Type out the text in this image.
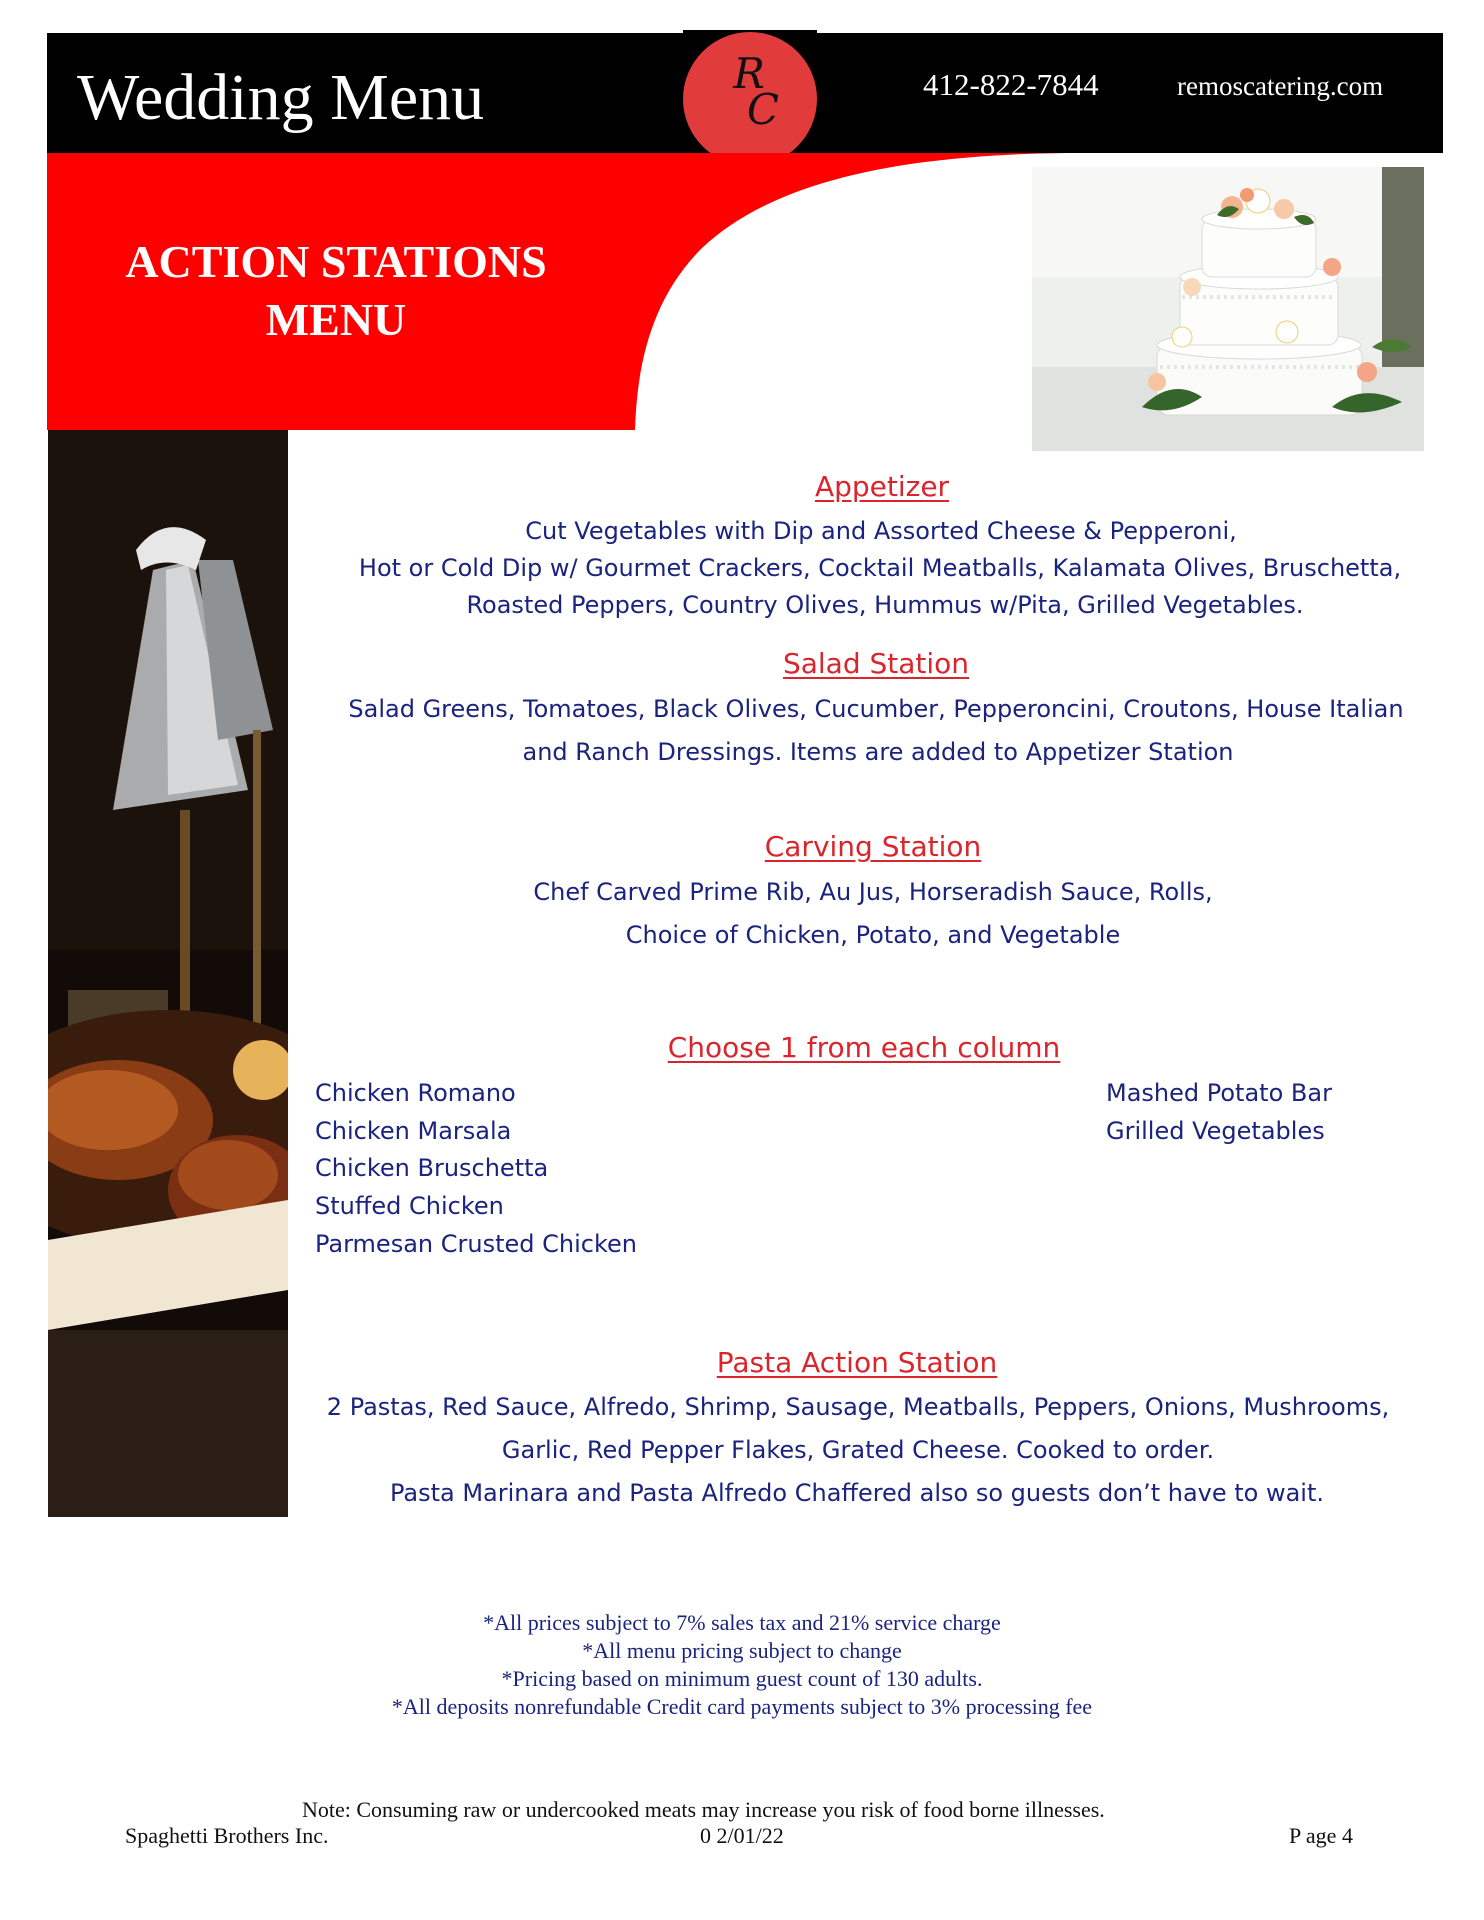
Wedding Menu	R
C
412-822-7844	remoscatering.com
ACTION STATIONS
MENU
Appetizer
Cut Vegetables with Dip and Assorted Cheese & Pepperoni,
Hot or Cold Dip w/ Gourmet Crackers, Cocktail Meatballs, Kalamata Olives, Bruschetta,
Roasted Peppers, Country Olives, Hummus w/Pita, Grilled Vegetables.
Salad Station
Salad Greens, Tomatoes, Black Olives, Cucumber, Pepperoncini, Croutons, House Italian
and Ranch Dressings. Items are added to Appetizer Station
Carving Station
Chef Carved Prime Rib, Au Jus, Horseradish Sauce, Rolls,
Choice of Chicken, Potato, and Vegetable
Choose 1 from each column
Chicken Romano
Chicken Marsala
Chicken Bruschetta
Stuffed Chicken
Parmesan Crusted Chicken
Mashed Potato Bar
Grilled Vegetables
Pasta Action Station
2 Pastas, Red Sauce, Alfredo, Shrimp, Sausage, Meatballs, Peppers, Onions, Mushrooms,
Garlic, Red Pepper Flakes, Grated Cheese. Cooked to order.
Pasta Marinara and Pasta Alfredo Chaffered also so guests don’t have to wait.
*All prices subject to 7% sales tax and 21% service charge
*All menu pricing subject to change
*Pricing based on minimum guest count of 130 adults.
*All deposits nonrefundable Credit card payments subject to 3% processing fee
Note: Consuming raw or undercooked meats may increase you risk of food borne illnesses.
Spaghetti Brothers Inc.	0 2/01/22	P age 4
